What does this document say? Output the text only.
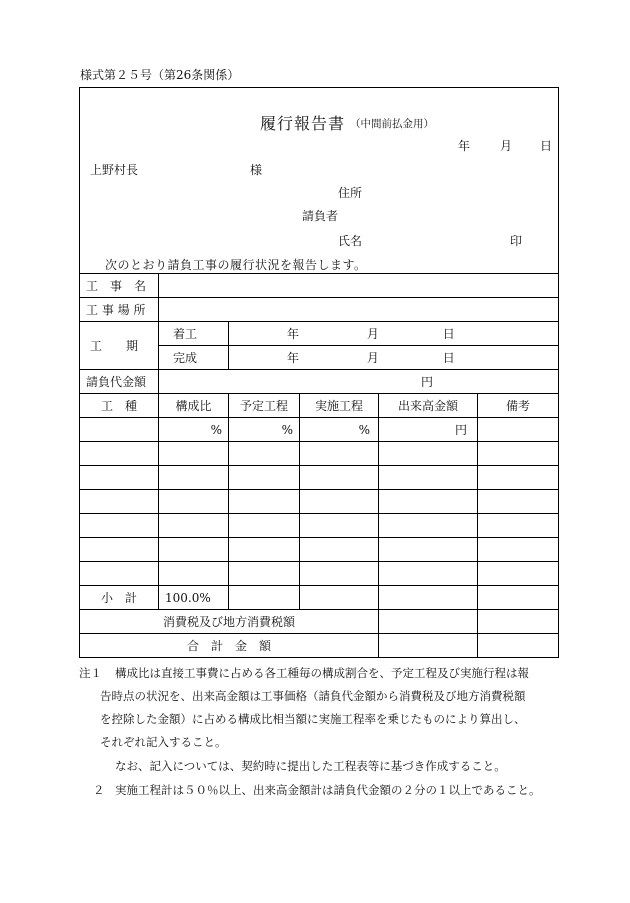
様式第２５号（第26条関係）
履行報告書 （中間前払金用）
年 月 日
上野村長	様
住所
請負者
氏名	印
次のとおり請負工事の履行状況を報告します。
工　事　名					
工 事 場 所					
工　　期	着工	年 月 日			
	完成	年 月 日			
請負代金額	円				
工　種	構成比	予定工程	実施工程	出来高金額	備考
	%	%	%	円	

小　計	100.0%				
消費税及び地方消費税額					
合　計　金　額					
注１ 構成比は直接工事費に占める各工種毎の構成割合を、予定工程及び実施行程は報
告時点の状況を、出来高金額は工事価格（請負代金額から消費税及び地方消費税額
を控除した金額）に占める構成比相当額に実施工程率を乗じたものにより算出し、
それぞれ記入すること。
なお、記入については、契約時に提出した工程表等に基づき作成すること。
２ 実施工程計は５０％以上、出来高金額計は請負代金額の２分の１以上であること。
